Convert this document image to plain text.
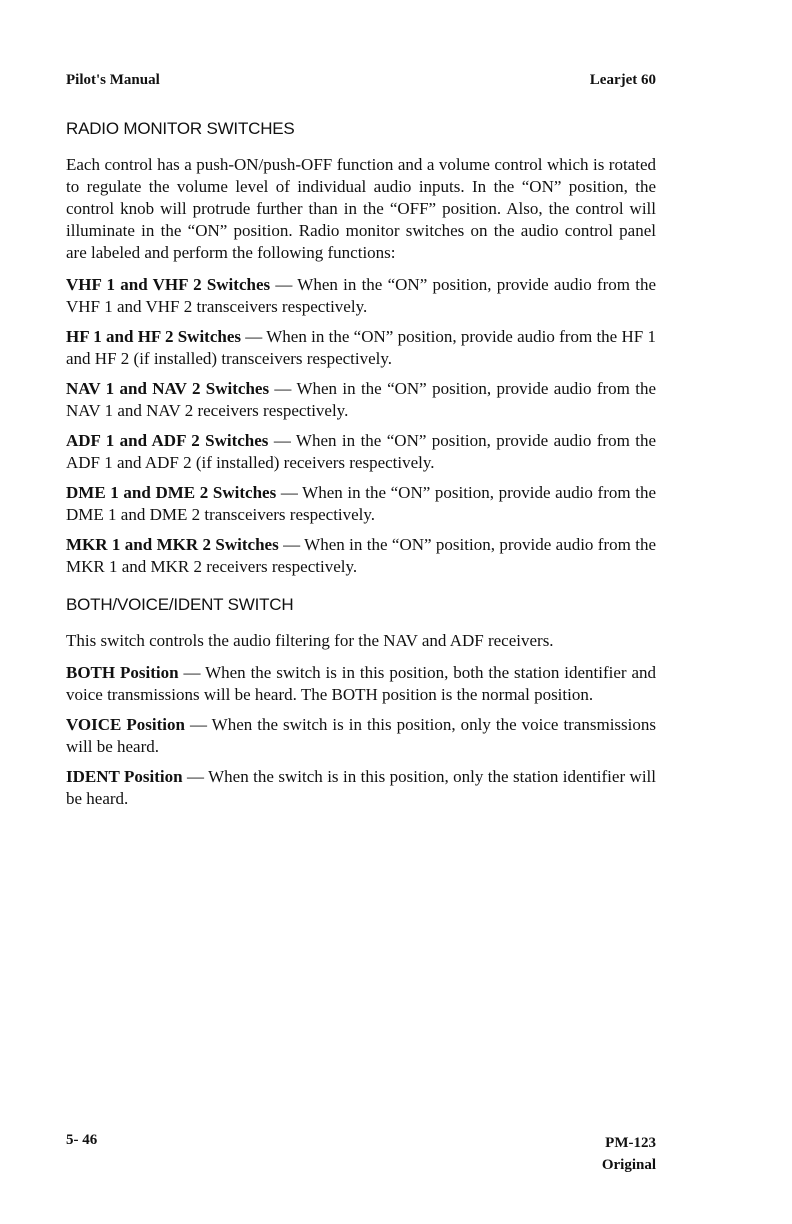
Pilot's Manual	Learjet 60
RADIO MONITOR SWITCHES

Each control has a push-ON/push-OFF function and a volume control which is rotated to regulate the volume level of individual audio inputs. In the “ON” position, the control knob will protrude further than in the “OFF” position. Also, the control will illuminate in the “ON” position. Radio monitor switches on the audio control panel are labeled and perform the following functions:

VHF 1 and VHF 2 Switches — When in the “ON” position, provide audio from the VHF 1 and VHF 2 transceivers respectively.

HF 1 and HF 2 Switches — When in the “ON” position, provide audio from the HF 1 and HF 2 (if installed) transceivers respectively.

NAV 1 and NAV 2 Switches — When in the “ON” position, provide audio from the NAV 1 and NAV 2 receivers respectively.

ADF 1 and ADF 2 Switches — When in the “ON” position, provide audio from the ADF 1 and ADF 2 (if installed) receivers respectively.

DME 1 and DME 2 Switches — When in the “ON” position, provide audio from the DME 1 and DME 2 transceivers respectively.

MKR 1 and MKR 2 Switches — When in the “ON” position, provide audio from the MKR 1 and MKR 2 receivers respectively.

BOTH/VOICE/IDENT SWITCH

This switch controls the audio filtering for the NAV and ADF receivers.

BOTH Position — When the switch is in this position, both the station identifier and voice transmissions will be heard. The BOTH position is the normal position.

VOICE Position — When the switch is in this position, only the voice transmissions will be heard.

IDENT Position — When the switch is in this position, only the station identifier will be heard.

5- 46	PM-123
Original
